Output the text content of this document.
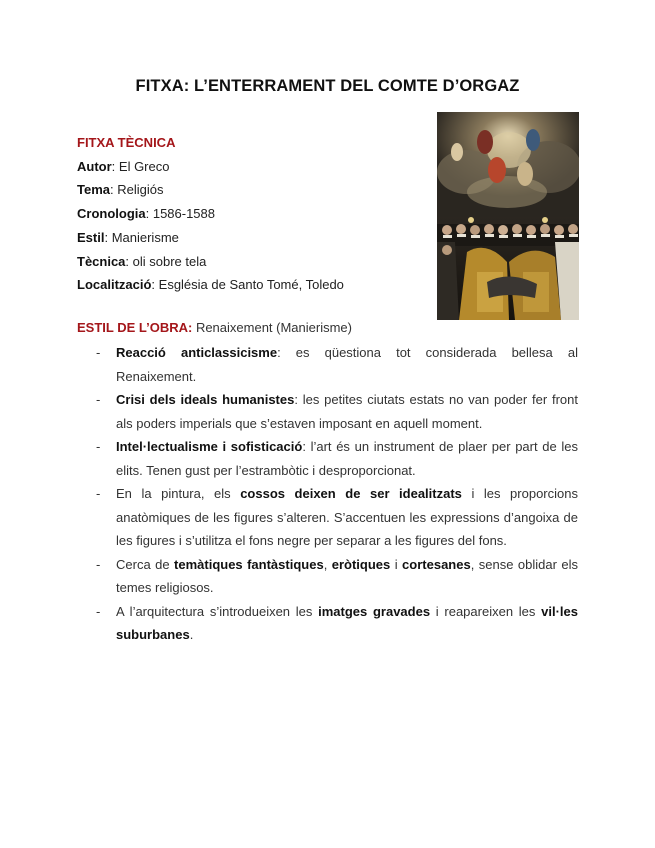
FITXA: L’ENTERRAMENT DEL COMTE D’ORGAZ
FITXA TÈCNICA
Autor: El Greco
Tema: Religiós
Cronologia: 1586-1588
Estil: Manierisme
Tècnica: oli sobre tela
Localització: Església de Santo Tomé, Toledo
ESTIL DE L’OBRA: Renaixement (Manierisme)
- Reacció anticlassicisme: es qüestiona tot considerada bellesa al Renaixement.
- Crisi dels ideals humanistes: les petites ciutats estats no van poder fer front als poders imperials que s’estaven imposant en aquell moment.
- Intel·lectualisme i sofisticació: l’art és un instrument de plaer per part de les elits. Tenen gust per l’estrambòtic i desproporcionat.
- En la pintura, els cossos deixen de ser idealitzats i les proporcions anatòmiques de les figures s’alteren. S’accentuen les expressions d’angoixa de les figures i s’utilitza el fons negre per separar a les figures del fons.
- Cerca de temàtiques fantàstiques, eròtiques i cortesanes, sense oblidar els temes religiosos.
- A l’arquitectura s’introdueixen les imatges gravades i reapareixen les vil·les suburbanes.
